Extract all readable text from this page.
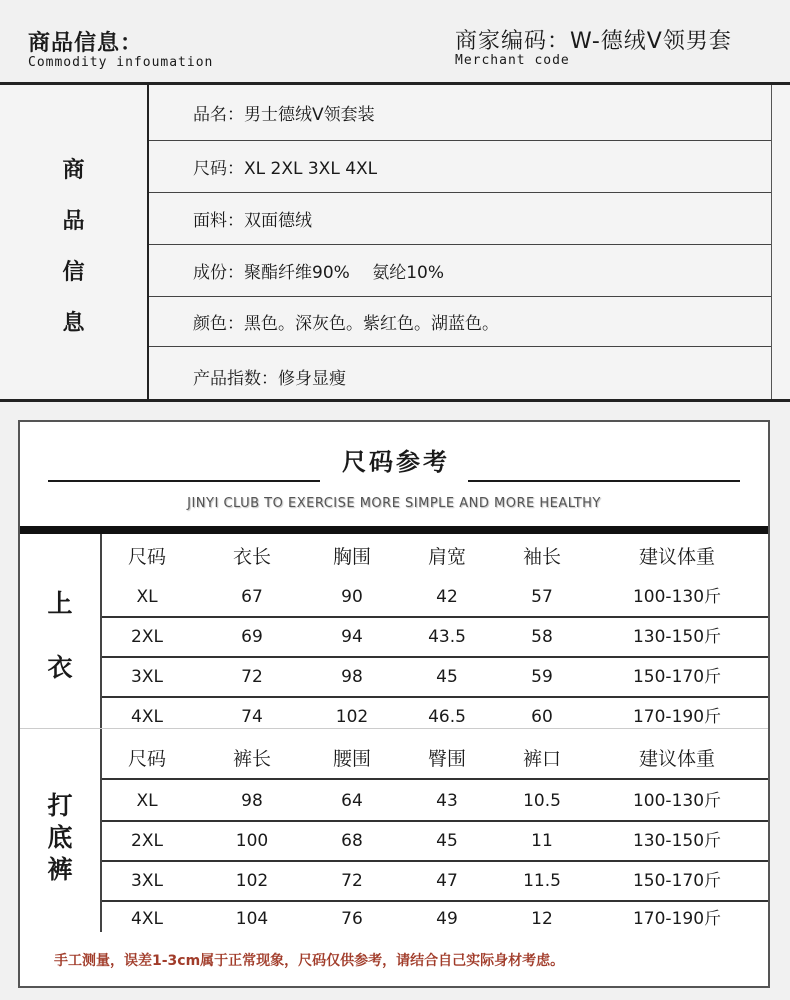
商品信息：
Commodity infoumation
商家编码：W-德绒V领男套
Merchant code
商
品
信
息
品名：男士德绒V领套装
尺码：XL 2XL 3XL 4XL
面料：双面德绒
成份：聚酯纤维90%　 氨纶10%
颜色：黑色。深灰色。紫红色。湖蓝色。
产品指数：修身显瘦
尺码参考
JINYI CLUB TO EXERCISE MORE SIMPLE AND MORE HEALTHY
上
衣
尺码	衣长	胸围	肩宽	袖长	建议体重
XL	67	90	42	57	100-130斤
2XL	69	94	43.5	58	130-150斤
3XL	72	98	45	59	150-170斤
4XL	74	102	46.5	60	170-190斤
打
底
裤
尺码	裤长	腰围	臀围	裤口	建议体重
XL	98	64	43	10.5	100-130斤
2XL	100	68	45	11	130-150斤
3XL	102	72	47	11.5	150-170斤
4XL	104	76	49	12	170-190斤
手工测量，误差1-3cm属于正常现象，尺码仅供参考，请结合自己实际身材考虑。
